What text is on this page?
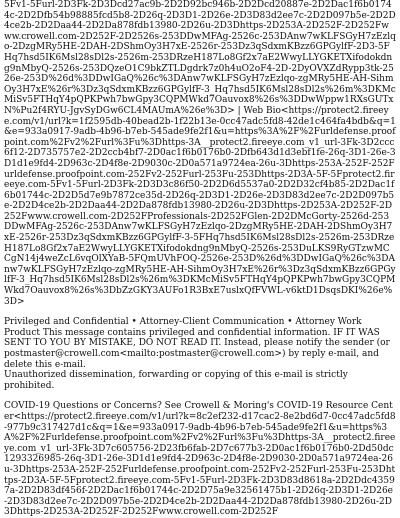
5Fv1-5Furl-2D3Fk-2D3Dcd27ac9b-2D2D92bc946b-2D2Dcd20887e-2D2Dac1f6b01744c-2D2Dfb54b98885fcd5b8-2D26q-2D3D1-2D26e-2D3D83d2ee7c-2D2D097b5e-2D2D4ce2b-2D2Daa44-2D2Da878fdb13980-2D26u-2D3Dhttps-2D253A-2D252F-2D252Fwww.crowell.com-2D252F-2D2526s-253DDwMFAg-2526c-253DAnw7wKLFSGyH7zEzlqo-2DzgMRy5HE-2DAH-2DShmOy3H7xE-2526r-253Dz3qSdxmKBzz6GPGylfF-2D3-5FHq7hsd5IK6Msl28sDl2s-2526m-253DRzeH187Lo8Gf2x7aE2WwyLLYGKETXifodokdng9nMbyQ-2526s-253DQzeO1C9bkZTLDgdrk7z0h4uO2oF4-2D-2DyOVXZdRypp3tk-2526e-253D%26d%3DDwIGaQ%26c%3DAnw7wKLFSGyH7zEzlqo-zgMRy5HE-AH-SihmOy3H7xE%26r%3Dz3qSdxmKBzz6GPGylfF-3_Hq7hsd5IK6Msl28sDl2s%26m%3DKMcMiSv5FTHqY4pQPKPwh7bwGpy3CQPMWkd7Oauvox8%26s%3DDwWppw1RXsGUTxN%Pu2f4RYU-JgvSyDGw6CL4MAUmA%26e%3D> | Web Bio<https://protect2.fireeye.com/v1/url?k=1f2595db-40bead2b-1f22b13e-0cc47adc5fd8-42de1c464fa4bdb&q=1&e=933a0917-9adb-4b96-b7eb-545ade9fe2f1&u=https%3A%2F%2Furldefense.proofpoint.com%2Fv2%2Furl%3Fu%3Dhttps-3A__protect2.fireeye.com_v1_url-3Fk-3D2ccc6f12-2D735757e2-2D2ccb4bf7-2D0ac1f6b0176b0-2Dfb643d1d3ebf1fe-26q-3D1-26e-3D1d1e9fd4-2D963c-2D4f8e-2D9030c-2D0a571a9724ea-26u-3Dhttps-253A-252F-252Furldefense.proofpoint.com-252Fv2-252Furl-253Fu-253Dhttps-2D3A-5F-5Fprotect2.fireeye.com-5Fv1-5Furl-2D3Fk-2D3D3c86f50-2D2D6d5537a0-2D2D32cf4b85-2D2Dac1f6b01744c-2D2D5d7e9b7872ce35d-2D26q-2D3D1-2D26e-2D3D83d2ee7c-2D2D097b5e-2D2D4ce2b-2D2Daa44-2D2Da878fdb13980-2D26u-2D3Dhttps-2D253A-2D252F-2D252Fwww.crowell.com-2D252FProfessionals-2D252FGlen-2D2DMcGorty-2526d-253DDwMFAg-2526c-253DAnw7wKLFSGyH7zEzlqo-2DzgMRy5HE-2DAH-2DShmOy3H7xE-2526r-253Dz3qSdxmKBzz6GPGylfF-3-5FHq7hsd5IK6Msl28sDl2s-2526m-253DRzeH187Lo8Gf2x7aE2WwyLLYGKETXifodokdng9nMbyQ-2526s-253DuLKS9RyGTzwMCCgN14j4weZcL6vqOlXYaB-5FQmUVhFOQ-2526e-253D%26d%3DDwIGaQ%26c%3DAnw7wKLFSGyH7zEzlqo-zgMRy5HE-AH-SihmOy3H7xE%26r%3Dz3qSdxmKBzz6GPGylfF-3_Hq7hsd5IK6Msl28sDl2s%26m%3DKMcMiSv5FTHqY4pQPKPwh7bwGpy3CQPMWkd7Oauvox8%26s%3DbZzGKY3AUFo1R3BxE7uslxQfFVWL-v6ktD1DsqsDKI%26e%3D>

Privileged and Confidential • Attorney-Client Communication • Attorney Work Product This message contains privileged and confidential information. IF IT WAS SENT TO YOU BY MISTAKE, DO NOT READ IT. Instead, please notify the sender (or postmaster@crowell.com<mailto:postmaster@crowell.com>) by reply e-mail, and delete this e-mail.

Unauthorized dissemination, forwarding or copying of this e-mail is strictly prohibited.

COVID-19 Questions or Concerns? See Crowell & Moring's COVID-19 Resource Center<https://protect2.fireeye.com/v1/url?k=8c2ef232-d17cac2-8e2bd6d7-0cc47adc5fd8-977b9c317427d1c&q=1&e=933a0917-9adb-4b96-b7eb-545ade9fe2f1&u=https%3A%2F%2Furldefense.proofpoint.com%2Fv2%2Furl%3Fu%3Dhttps-3A__protect2.fireeye.com_v1_url-3Fk-3D7c605756-2D23fb6fab-2D7c677b3-2D0ac1f6b0176b0-2Dd50dc1293326985-26q-3D1-26e-3D1d1e9fd4-2D963c-2D4f8e-2D9030-2D0a571a9724ea-26u-3Dhttps-253A-252F-252Furldefense.proofpoint.com-252Fv2-252Furl-253Fu-253Dhttps-2D3A-5F-5Fprotect2.fireeye.com-5Fv1-5Furl-2D3Fk-2D3D83d8618a-2D2Ddc43597a-2D2D83df456f-2D2Dac1f6b01744c-2D2D75a9e32561475b1-2D26q-2D3D1-2D26e-2D3D83d2ee7c-2D2D097b5e-2D2D4ce2b-2D2Daa44-2D2Da878fdb13980-2D26u-2D3Dhttps-2D253A-2D252F-2D252Fwww.crowell.com-2D252F
